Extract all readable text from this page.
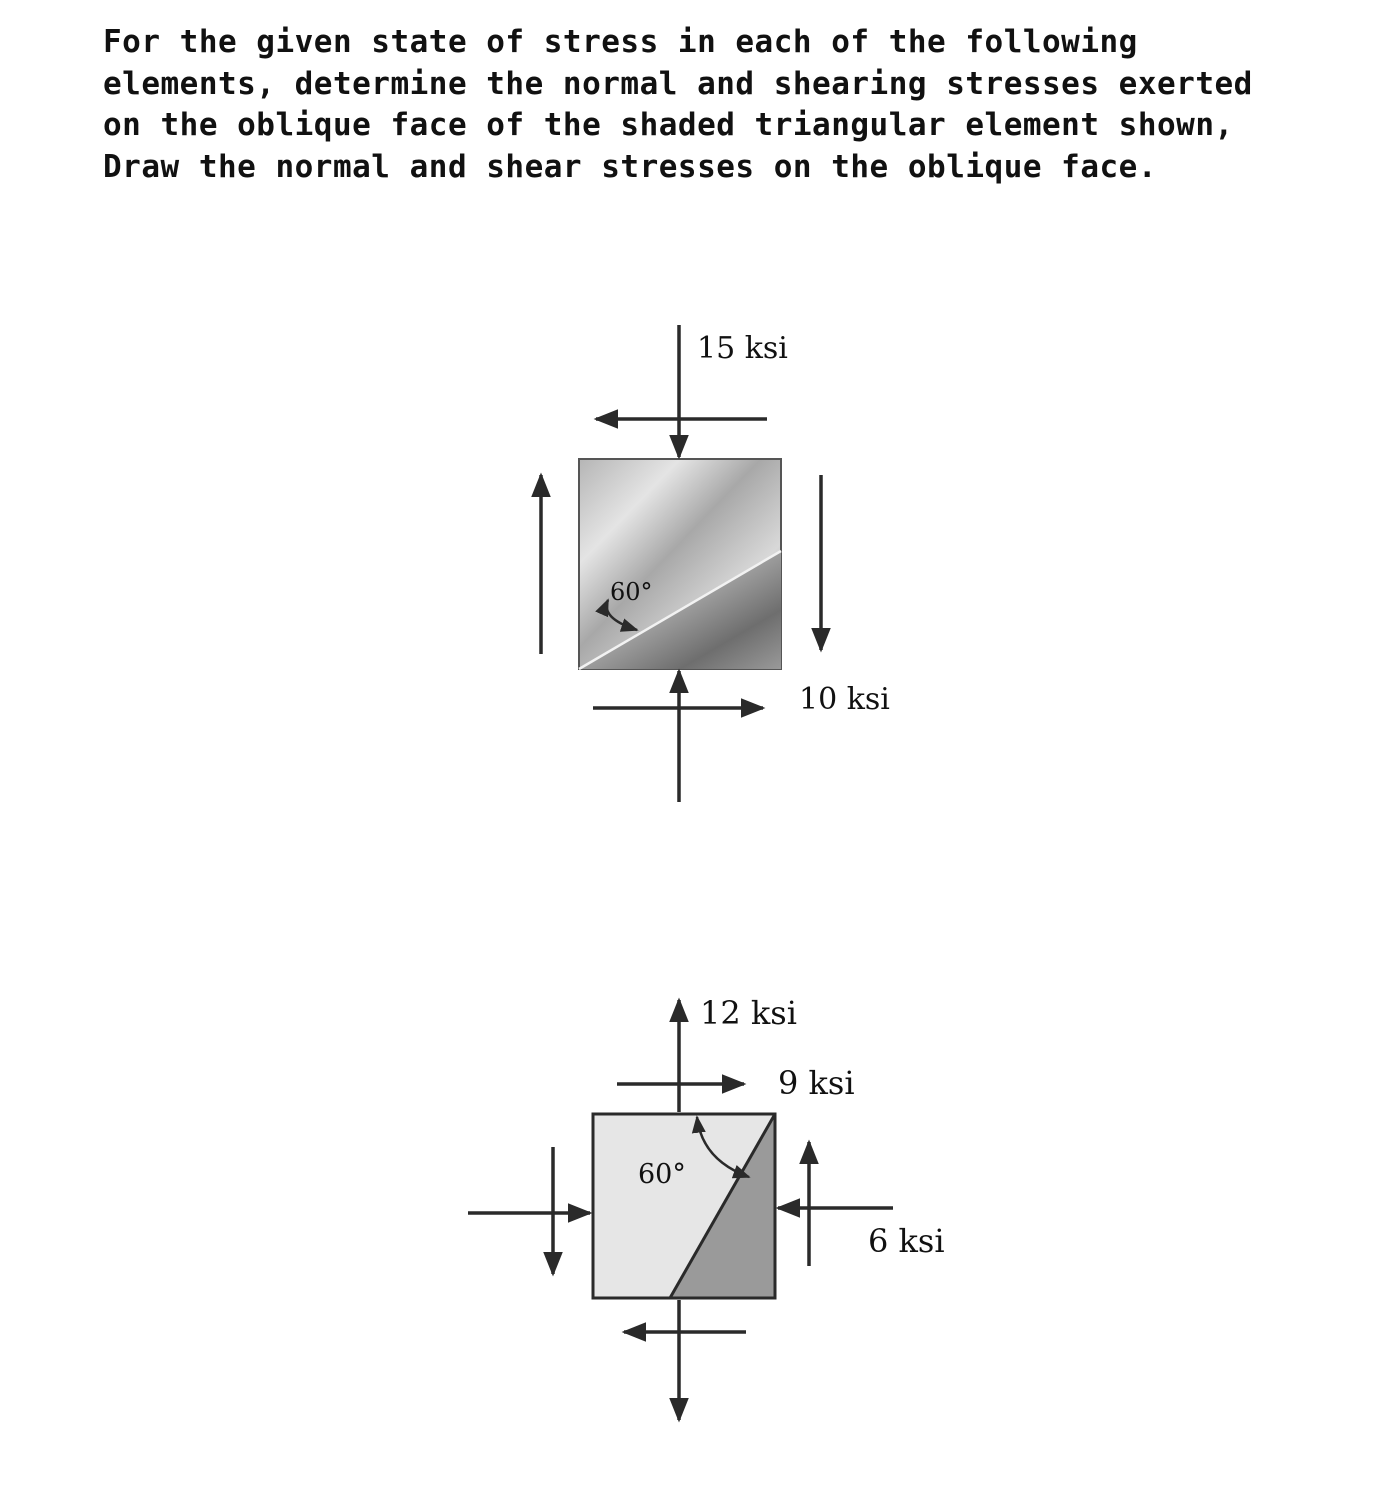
For the given state of stress in each of the following
elements, determine the normal and shearing stresses exerted
on the oblique face of the shaded triangular element shown,
Draw the normal and shear stresses on the oblique face.
60°
15 ksi
10 ksi
60°
12 ksi
9 ksi
6 ksi
